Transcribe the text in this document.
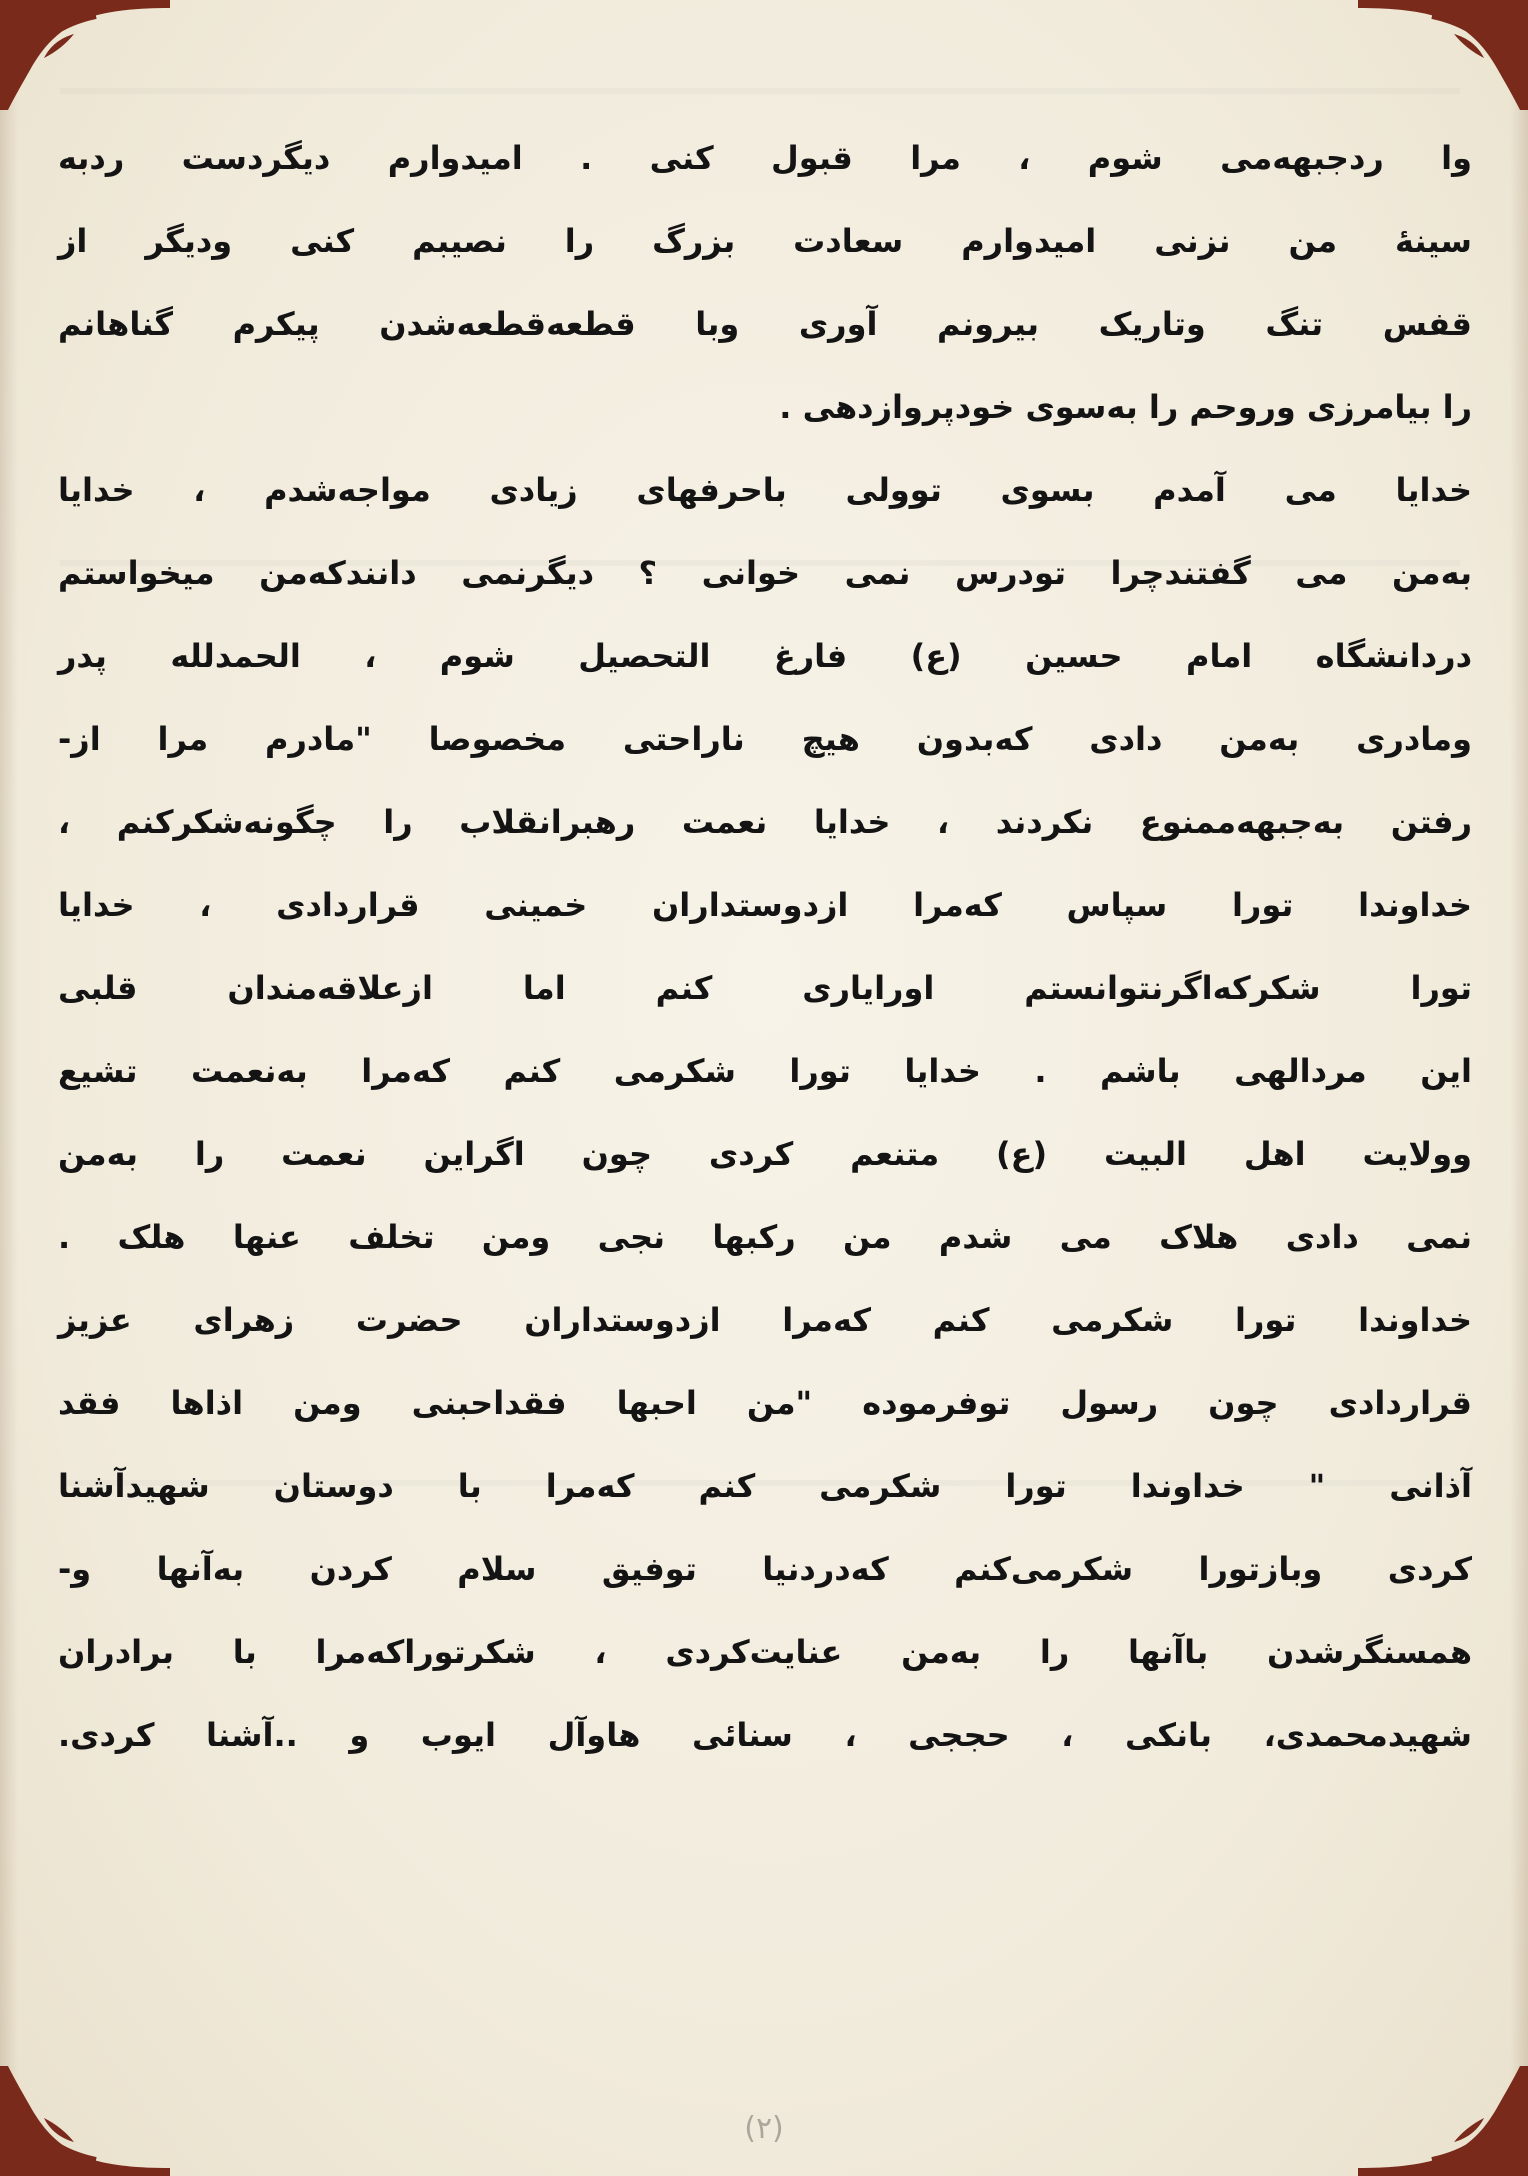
وا ردجبهه‌می شوم ، مرا قبول کنی . امیدوارم دیگردست ردبه
سینهٔ من نزنی امیدوارم سعادت بزرگ را نصیبم کنی ودیگر از
قفس تنگ وتاریک بیرونم آوری وبا قطعه‌قطعه‌شدن پیکرم گناهانم
را بیامرزی وروحم را به‌سوی خودپروازدهی .
خدایا می آمدم بسوی توولی باحرفهای زیادی مواجه‌شدم ، خدایا
به‌من می گفتندچرا تودرس نمی خوانی ؟ دیگرنمی دانندکه‌من میخواستم
دردانشگاه امام حسین (ع) فارغ التحصیل شوم ، الحمدلله پدر
ومادری به‌من دادی که‌بدون هیچ ناراحتی مخصوصا "مادرم مرا از-
رفتن به‌جبهه‌ممنوع نکردند ، خدایا نعمت رهبرانقلاب را چگونه‌شکرکنم ،
خداوندا تورا سپاس که‌مرا ازدوستداران خمینی قراردادی ، خدایا
تورا شکرکه‌اگرنتوانستم اورایاری کنم اما ازعلاقه‌مندان قلبی
این مردالهی باشم . خدایا تورا شکرمی کنم که‌مرا به‌نعمت تشیع
وولایت اهل البیت (ع) متنعم کردی چون اگراین نعمت را به‌من
نمی دادی هلاک می شدم من رکبها نجی ومن تخلف عنها هلک .
خداوندا تورا شکرمی کنم که‌مرا ازدوستداران حضرت زهرای عزیز
قراردادی چون رسول توفرموده "من احبها فقداحبنی ومن اذاها فقد
آذانی " خداوندا تورا شکرمی کنم که‌مرا با دوستان شهیدآشنا
کردی وبازتورا شکرمی‌کنم که‌دردنیا توفیق سلام کردن به‌آنها و-
همسنگرشدن باآنها را به‌من عنایت‌کردی ، شکرتوراکه‌مرا با برادران
شهیدمحمدی، بانکی ، حججی ، سنائی هاوآل ایوب و ..آشنا کردی.
(۲)
